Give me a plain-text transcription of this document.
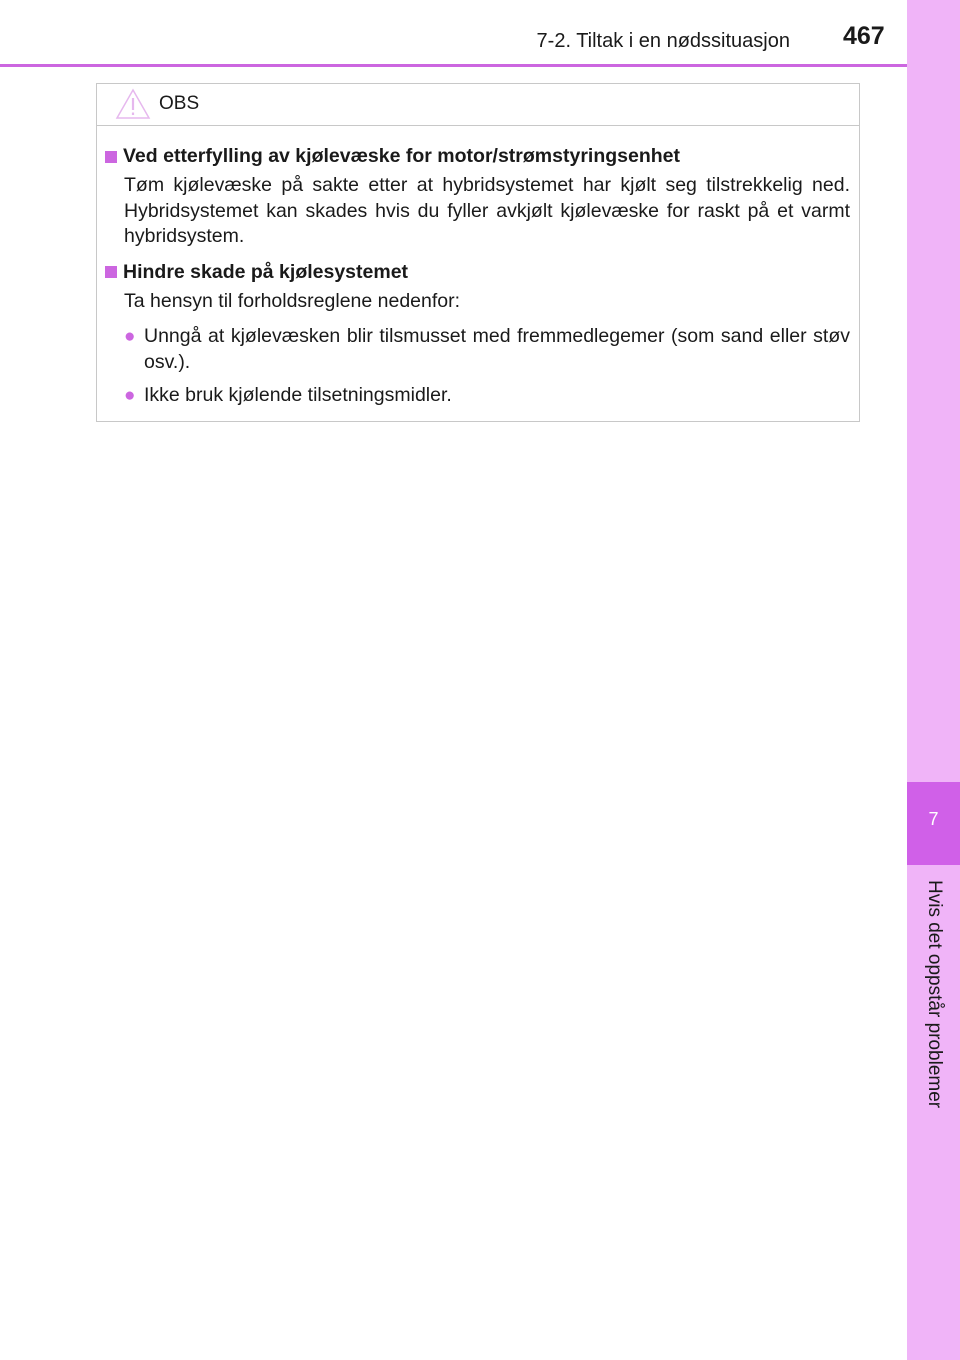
7-2. Tiltak i en nødssituasjon 467
7
Hvis det oppstår problemer
OBS
Ved etterfylling av kjølevæske for motor/strømstyringsenhet
Tøm kjølevæske på sakte etter at hybridsystemet har kjølt seg tilstrekkelig ned. Hybridsystemet kan skades hvis du fyller avkjølt kjølevæske for raskt på et varmt hybridsystem.
Hindre skade på kjølesystemet
Ta hensyn til forholdsreglene nedenfor:
● Unngå at kjølevæsken blir tilsmusset med fremmedlegemer (som sand eller støv osv.).
● Ikke bruk kjølende tilsetningsmidler.
